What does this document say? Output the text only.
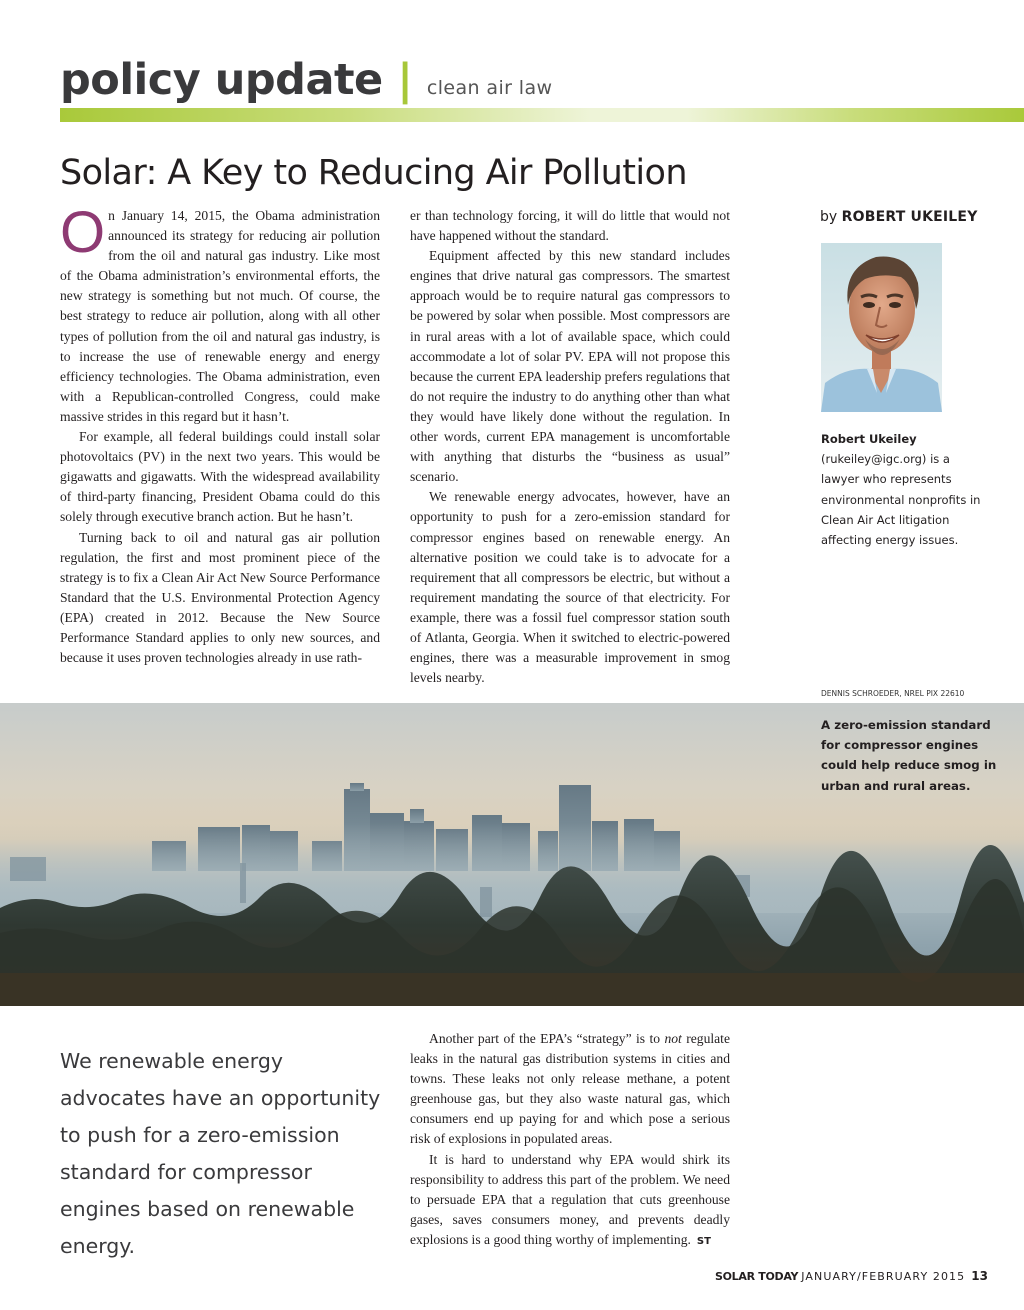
policy update | clean air law
Solar: A Key to Reducing Air Pollution

On January 14, 2015, the Obama administration announced its strategy for reducing air pollution from the oil and natural gas industry. Like most of the Obama administration’s environmental efforts, the new strategy is something but not much. Of course, the best strategy to reduce air pollution, along with all other types of pollution from the oil and natural gas industry, is to increase the use of renewable energy and energy efficiency technologies. The Obama administration, even with a Republican-controlled Congress, could make massive strides in this regard but it hasn’t.

For example, all federal buildings could install solar photovoltaics (PV) in the next two years. This would be gigawatts and gigawatts. With the widespread availability of third-party financing, President Obama could do this solely through executive branch action. But he hasn’t.

Turning back to oil and natural gas air pollution regulation, the first and most prominent piece of the strategy is to fix a Clean Air Act New Source Performance Standard that the U.S. Environmental Protection Agency (EPA) created in 2012. Because the New Source Performance Standard applies to only new sources, and because it uses proven technologies already in use rath-

er than technology forcing, it will do little that would not have happened without the standard.

Equipment affected by this new standard includes engines that drive natural gas compressors. The smartest approach would be to require natural gas compressors to be powered by solar when possible. Most compressors are in rural areas with a lot of available space, which could accommodate a lot of solar PV. EPA will not propose this because the current EPA leadership prefers regulations that do not require the industry to do anything other than what they would have likely done without the regulation. In other words, current EPA management is uncomfortable with anything that disturbs the “business as usual” scenario.

We renewable energy advocates, however, have an opportunity to push for a zero-emission standard for compressor engines based on renewable energy. An alternative position we could take is to advocate for a requirement that all compressors be electric, but without a requirement mandating the source of that electricity. For example, there was a fossil fuel compressor station south of Atlanta, Georgia. When it switched to electric-powered engines, there was a measurable improvement in smog levels nearby.

by ROBERT UKEILEY
Robert Ukeiley
(rukeiley@igc.org) is a lawyer who represents environmental nonprofits in Clean Air Act litigation affecting energy issues.
DENNIS SCHROEDER, NREL PIX 22610
A zero-emission standard for compressor engines could help reduce smog in urban and rural areas.
We renewable energy advocates have an opportunity to push for a zero-emission standard for compressor engines based on renewable energy.

Another part of the EPA’s “strategy” is to not regulate leaks in the natural gas distribution systems in cities and towns. These leaks not only release methane, a potent greenhouse gas, but they also waste natural gas, which consumers end up paying for and which pose a serious risk of explosions in populated areas.

It is hard to understand why EPA would shirk its responsibility to address this part of the problem. We need to persuade EPA that a regulation that cuts greenhouse gases, saves consumers money, and prevents deadly explosions is a good thing worthy of implementing. ST

SOLAR TODAY JANUARY/FEBRUARY 2015 13
